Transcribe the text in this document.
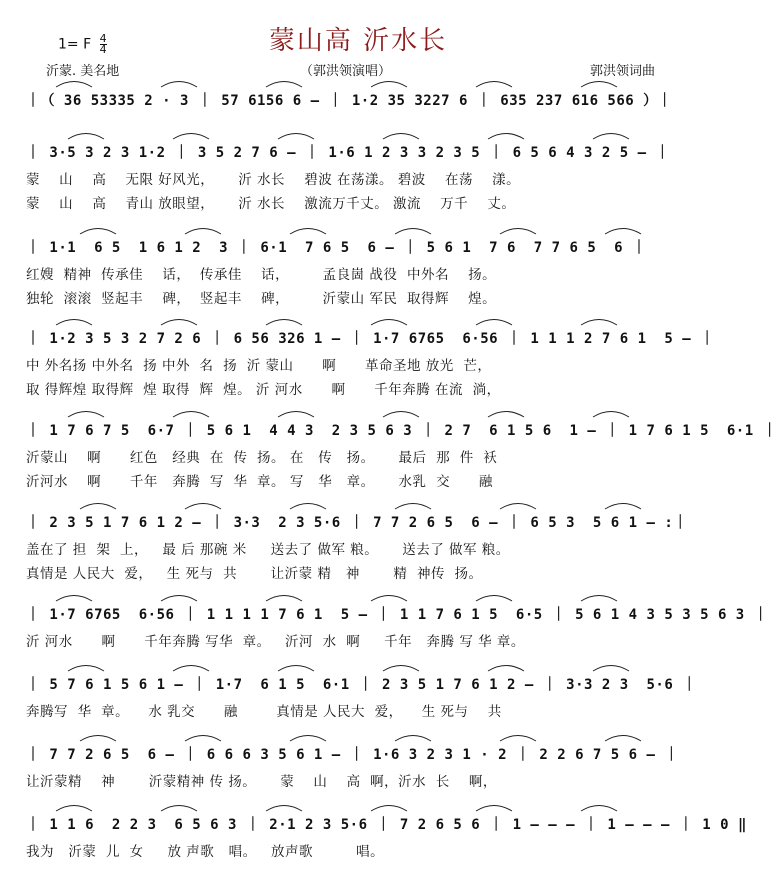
蒙山高 沂水长
1= F $\frac{4}{4}$
沂蒙. 美名地	（郭洪领演唱）	郭洪领词曲
｜（ 36 53335 2 · 3 ｜ 57 6156 6 – ｜ 1·2 35 3227 6 ｜ 635 237 616 566 ）｜
｜ 3·5 3 2 3 1·2 ｜ 3 5 2 7 6 – ｜ 1·6 1 2 3 3 2 3 5 ｜ 6 5 6 4 3 2 5 – ｜
蒙    山    高    无限 好风光，     沂 水长    碧波 在荡漾。 碧波    在荡    漾。
蒙    山    高    青山 放眼望，     沂 水长    激流万千丈。 激流    万千    丈。
｜ 1·1  6 5  1 6 1 2  3 ｜ 6·1  7 6 5  6 – ｜ 5 6 1  7 6  7 7 6 5  6 ｜
红嫂  精神  传承佳    话，  传承佳    话，       孟良崮 战役  中外名    扬。
独轮  滚滚  竖起丰    碑，  竖起丰    碑，       沂蒙山 军民  取得辉    煌。
｜ 1·2 3 5 3 2 7 2 6 ｜ 6 56 326 1 – ｜ 1·7 6765  6·56 ｜ 1 1 1 2 7 6 1  5 – ｜
中 外名扬 中外名  扬 中外  名  扬  沂 蒙山      啊      革命圣地 放光  芒，
取 得辉煌 取得辉  煌 取得  辉  煌。 沂 河水      啊      千年奔腾 在流  淌，
｜ 1 7 6 7 5  6·7 ｜ 5 6 1  4 4 3  2 3 5 6 3 ｜ 2 7  6 1 5 6  1 – ｜ 1 7 6 1 5  6·1 ｜
沂蒙山    啊      红色   经典  在  传  扬。 在   传   扬。     最后  那  件  袄
沂河水    啊      千年   奔腾  写  华  章。 写   华   章。     水乳  交      融
｜ 2 3 5 1 7 6 1 2 – ｜ 3·3  2 3 5·6 ｜ 7 7 2 6 5  6 – ｜ 6 5 3  5 6 1 – :｜
盖在了 担  架  上，   最 后 那碗 米     送去了 做军 粮。     送去了 做军 粮。
真情是 人民大  爱，   生 死与  共       让沂蒙 精   神       精  神传  扬。
｜ 1·7 6765  6·56 ｜ 1 1 1 1 7 6 1  5 – ｜ 1 1 7 6 1 5  6·5 ｜ 5 6 1 4 3 5 3 5 6 3 ｜
沂 河水      啊      千年奔腾 写华  章。   沂河  水  啊     千年   奔腾 写 华 章。
｜ 5 7 6 1 5 6 1 – ｜ 1·7  6 1 5  6·1 ｜ 2 3 5 1 7 6 1 2 – ｜ 3·3 2 3  5·6 ｜
奔腾写  华  章。    水 乳交      融        真情是 人民大  爱，    生 死与    共
｜ 7 7 2 6 5  6 – ｜ 6 6 6 3 5 6 1 – ｜ 1·6 3 2 3 1 · 2 ｜ 2 2 6 7 5 6 – ｜
让沂蒙精    神       沂蒙精神 传 扬。     蒙    山    高  啊，沂水  长    啊，
｜ 1 1 6  2 2 3  6 5 6 3 ｜ 2·1 2 3 5·6 ｜ 7 2 6 5 6 ｜ 1 – – – ｜ 1 – – – ｜ 1 0 ‖
我为   沂蒙  儿  女     放 声歌   唱。   放声歌         唱。
